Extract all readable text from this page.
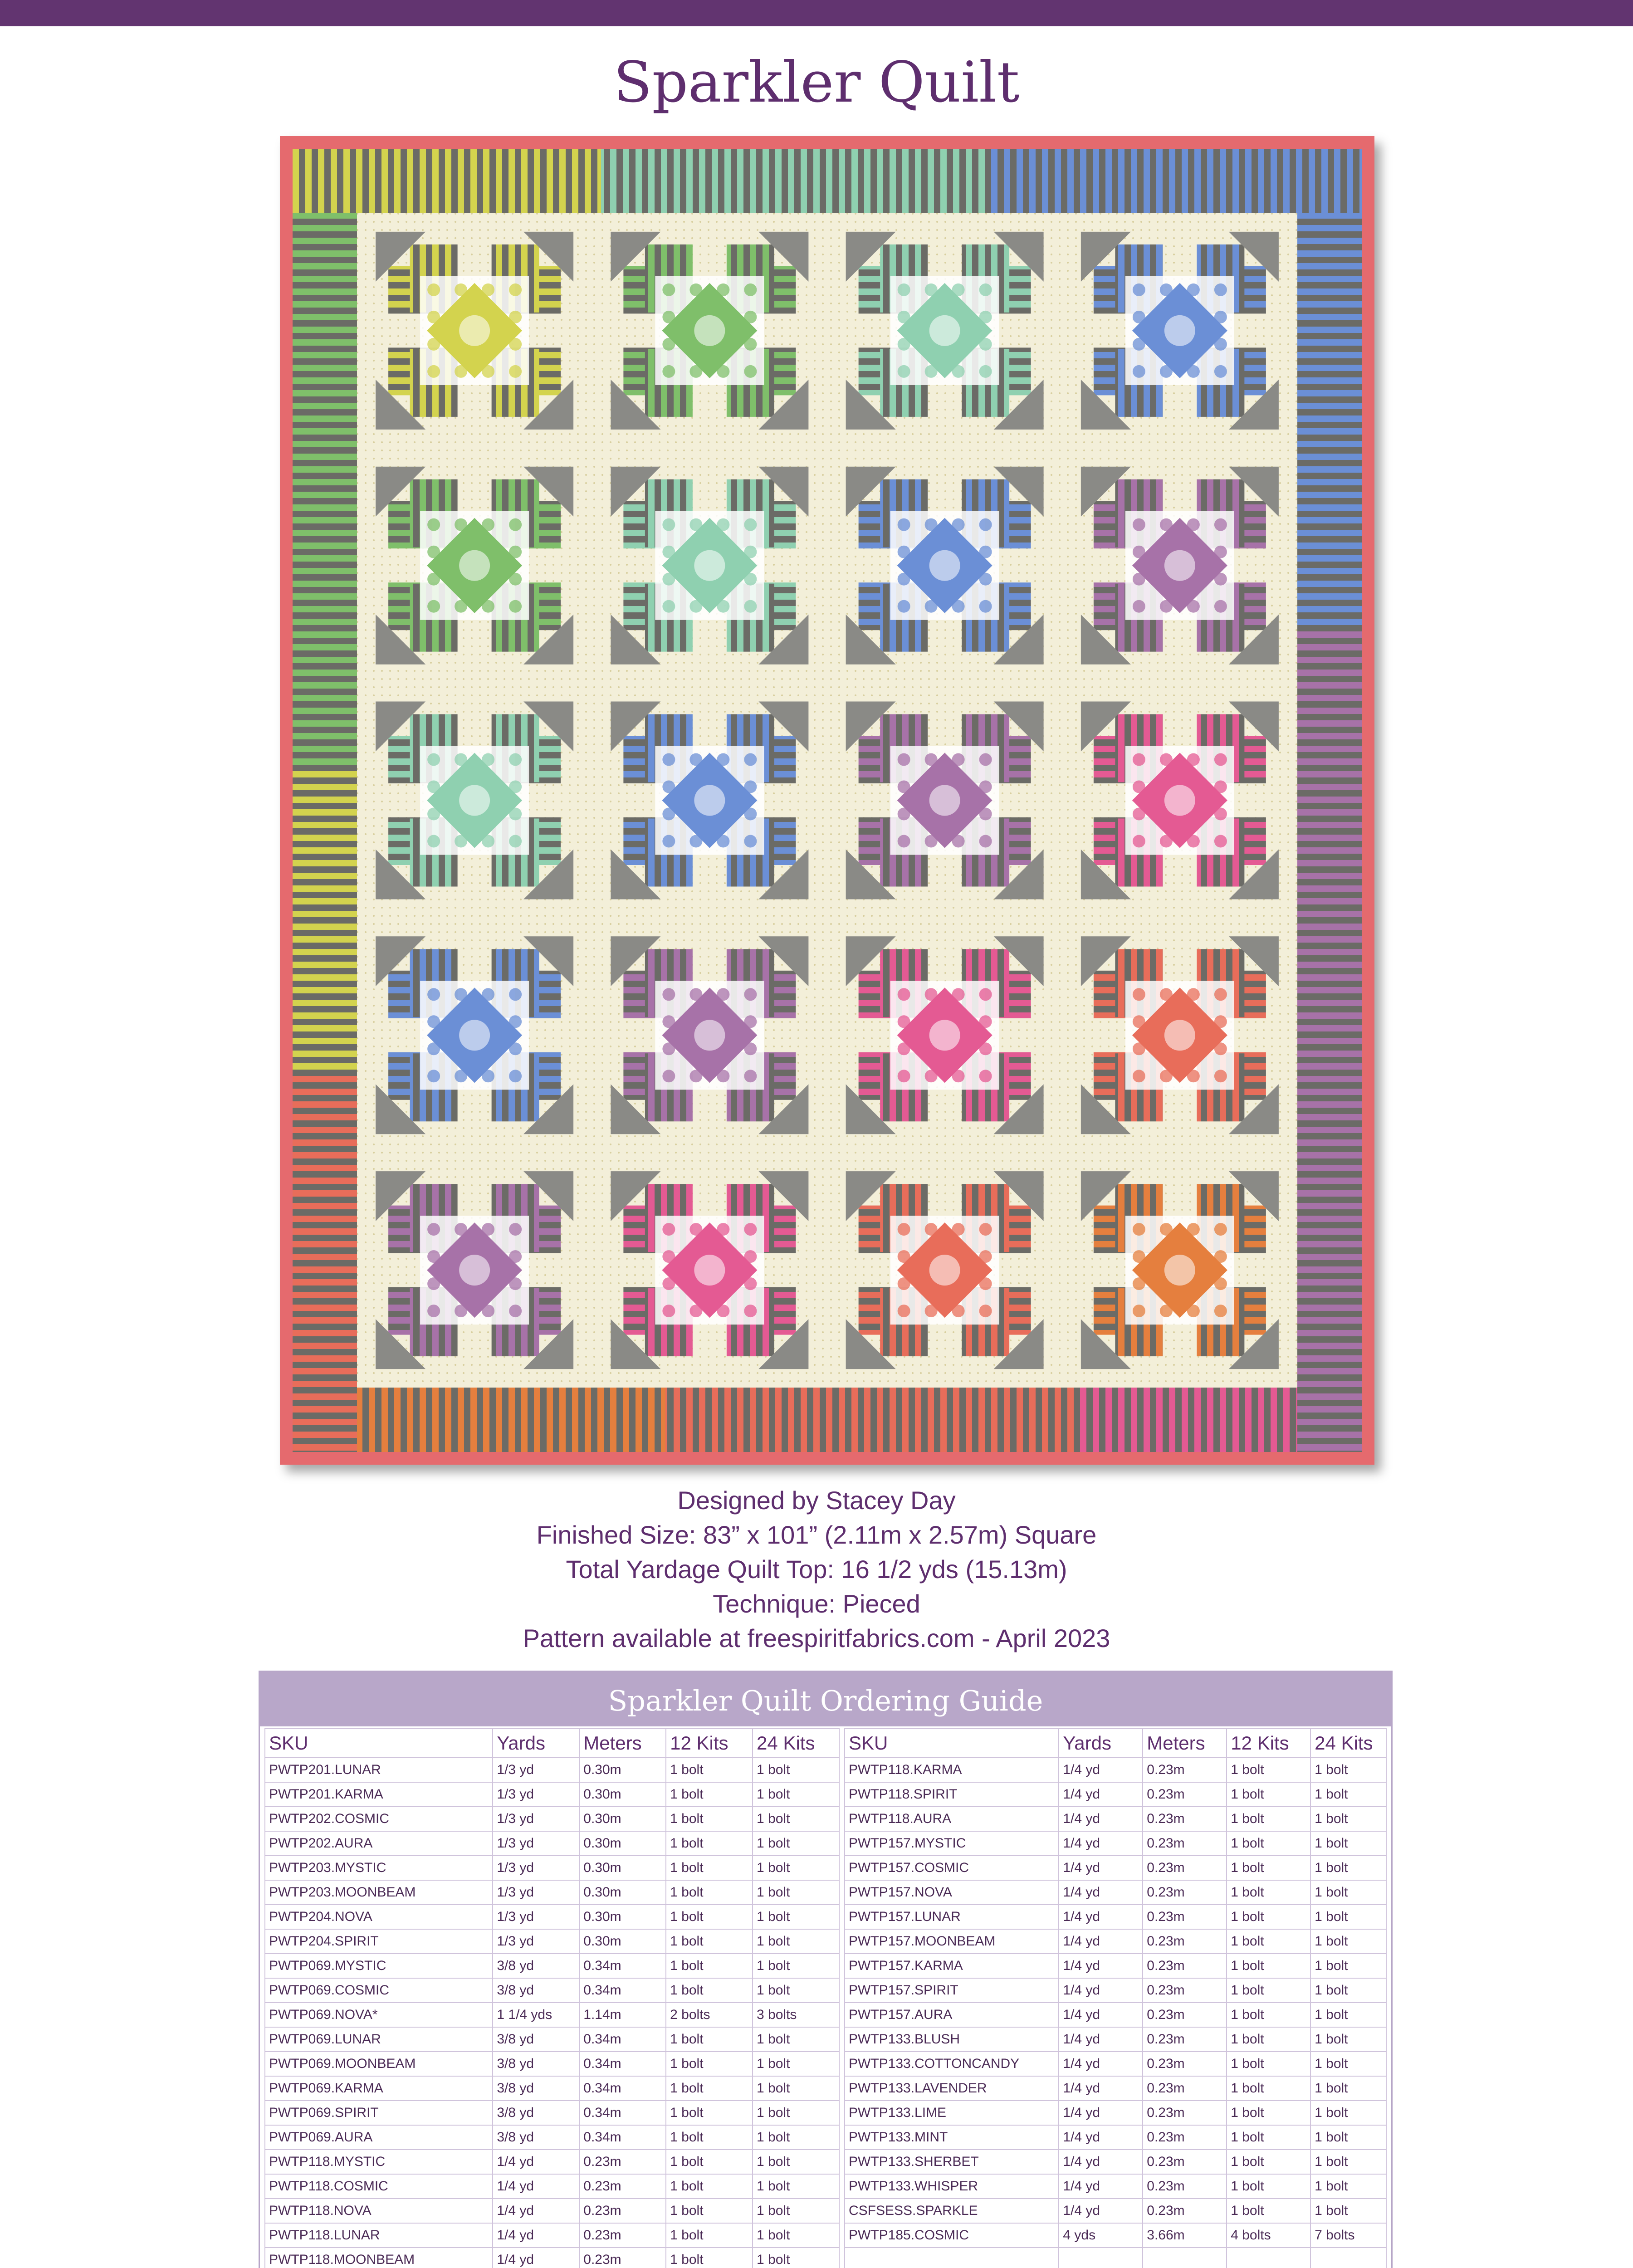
Sparkler Quilt
Designed by Stacey Day
Finished Size: 83” x 101” (2.11m x 2.57m) Square
Total Yardage Quilt Top: 16 1/2 yds (15.13m)
Technique: Pieced
Pattern available at freespiritfabrics.com - April 2023
Sparkler Quilt Ordering Guide
SKU	Yards	Meters	12 Kits	24 Kits
PWTP201.LUNAR	1/3 yd	0.30m	1 bolt	1 bolt
PWTP201.KARMA	1/3 yd	0.30m	1 bolt	1 bolt
PWTP202.COSMIC	1/3 yd	0.30m	1 bolt	1 bolt
PWTP202.AURA	1/3 yd	0.30m	1 bolt	1 bolt
PWTP203.MYSTIC	1/3 yd	0.30m	1 bolt	1 bolt
PWTP203.MOONBEAM	1/3 yd	0.30m	1 bolt	1 bolt
PWTP204.NOVA	1/3 yd	0.30m	1 bolt	1 bolt
PWTP204.SPIRIT	1/3 yd	0.30m	1 bolt	1 bolt
PWTP069.MYSTIC	3/8 yd	0.34m	1 bolt	1 bolt
PWTP069.COSMIC	3/8 yd	0.34m	1 bolt	1 bolt
PWTP069.NOVA*	1 1/4 yds	1.14m	2 bolts	3 bolts
PWTP069.LUNAR	3/8 yd	0.34m	1 bolt	1 bolt
PWTP069.MOONBEAM	3/8 yd	0.34m	1 bolt	1 bolt
PWTP069.KARMA	3/8 yd	0.34m	1 bolt	1 bolt
PWTP069.SPIRIT	3/8 yd	0.34m	1 bolt	1 bolt
PWTP069.AURA	3/8 yd	0.34m	1 bolt	1 bolt
PWTP118.MYSTIC	1/4 yd	0.23m	1 bolt	1 bolt
PWTP118.COSMIC	1/4 yd	0.23m	1 bolt	1 bolt
PWTP118.NOVA	1/4 yd	0.23m	1 bolt	1 bolt
PWTP118.LUNAR	1/4 yd	0.23m	1 bolt	1 bolt
PWTP118.MOONBEAM	1/4 yd	0.23m	1 bolt	1 bolt

SKU	Yards	Meters	12 Kits	24 Kits
PWTP118.KARMA	1/4 yd	0.23m	1 bolt	1 bolt
PWTP118.SPIRIT	1/4 yd	0.23m	1 bolt	1 bolt
PWTP118.AURA	1/4 yd	0.23m	1 bolt	1 bolt
PWTP157.MYSTIC	1/4 yd	0.23m	1 bolt	1 bolt
PWTP157.COSMIC	1/4 yd	0.23m	1 bolt	1 bolt
PWTP157.NOVA	1/4 yd	0.23m	1 bolt	1 bolt
PWTP157.LUNAR	1/4 yd	0.23m	1 bolt	1 bolt
PWTP157.MOONBEAM	1/4 yd	0.23m	1 bolt	1 bolt
PWTP157.KARMA	1/4 yd	0.23m	1 bolt	1 bolt
PWTP157.SPIRIT	1/4 yd	0.23m	1 bolt	1 bolt
PWTP157.AURA	1/4 yd	0.23m	1 bolt	1 bolt
PWTP133.BLUSH	1/4 yd	0.23m	1 bolt	1 bolt
PWTP133.COTTONCANDY	1/4 yd	0.23m	1 bolt	1 bolt
PWTP133.LAVENDER	1/4 yd	0.23m	1 bolt	1 bolt
PWTP133.LIME	1/4 yd	0.23m	1 bolt	1 bolt
PWTP133.MINT	1/4 yd	0.23m	1 bolt	1 bolt
PWTP133.SHERBET	1/4 yd	0.23m	1 bolt	1 bolt
PWTP133.WHISPER	1/4 yd	0.23m	1 bolt	1 bolt
CSFSESS.SPARKLE	1/4 yd	0.23m	1 bolt	1 bolt
PWTP185.COSMIC	4 yds	3.66m	4 bolts	7 bolts
